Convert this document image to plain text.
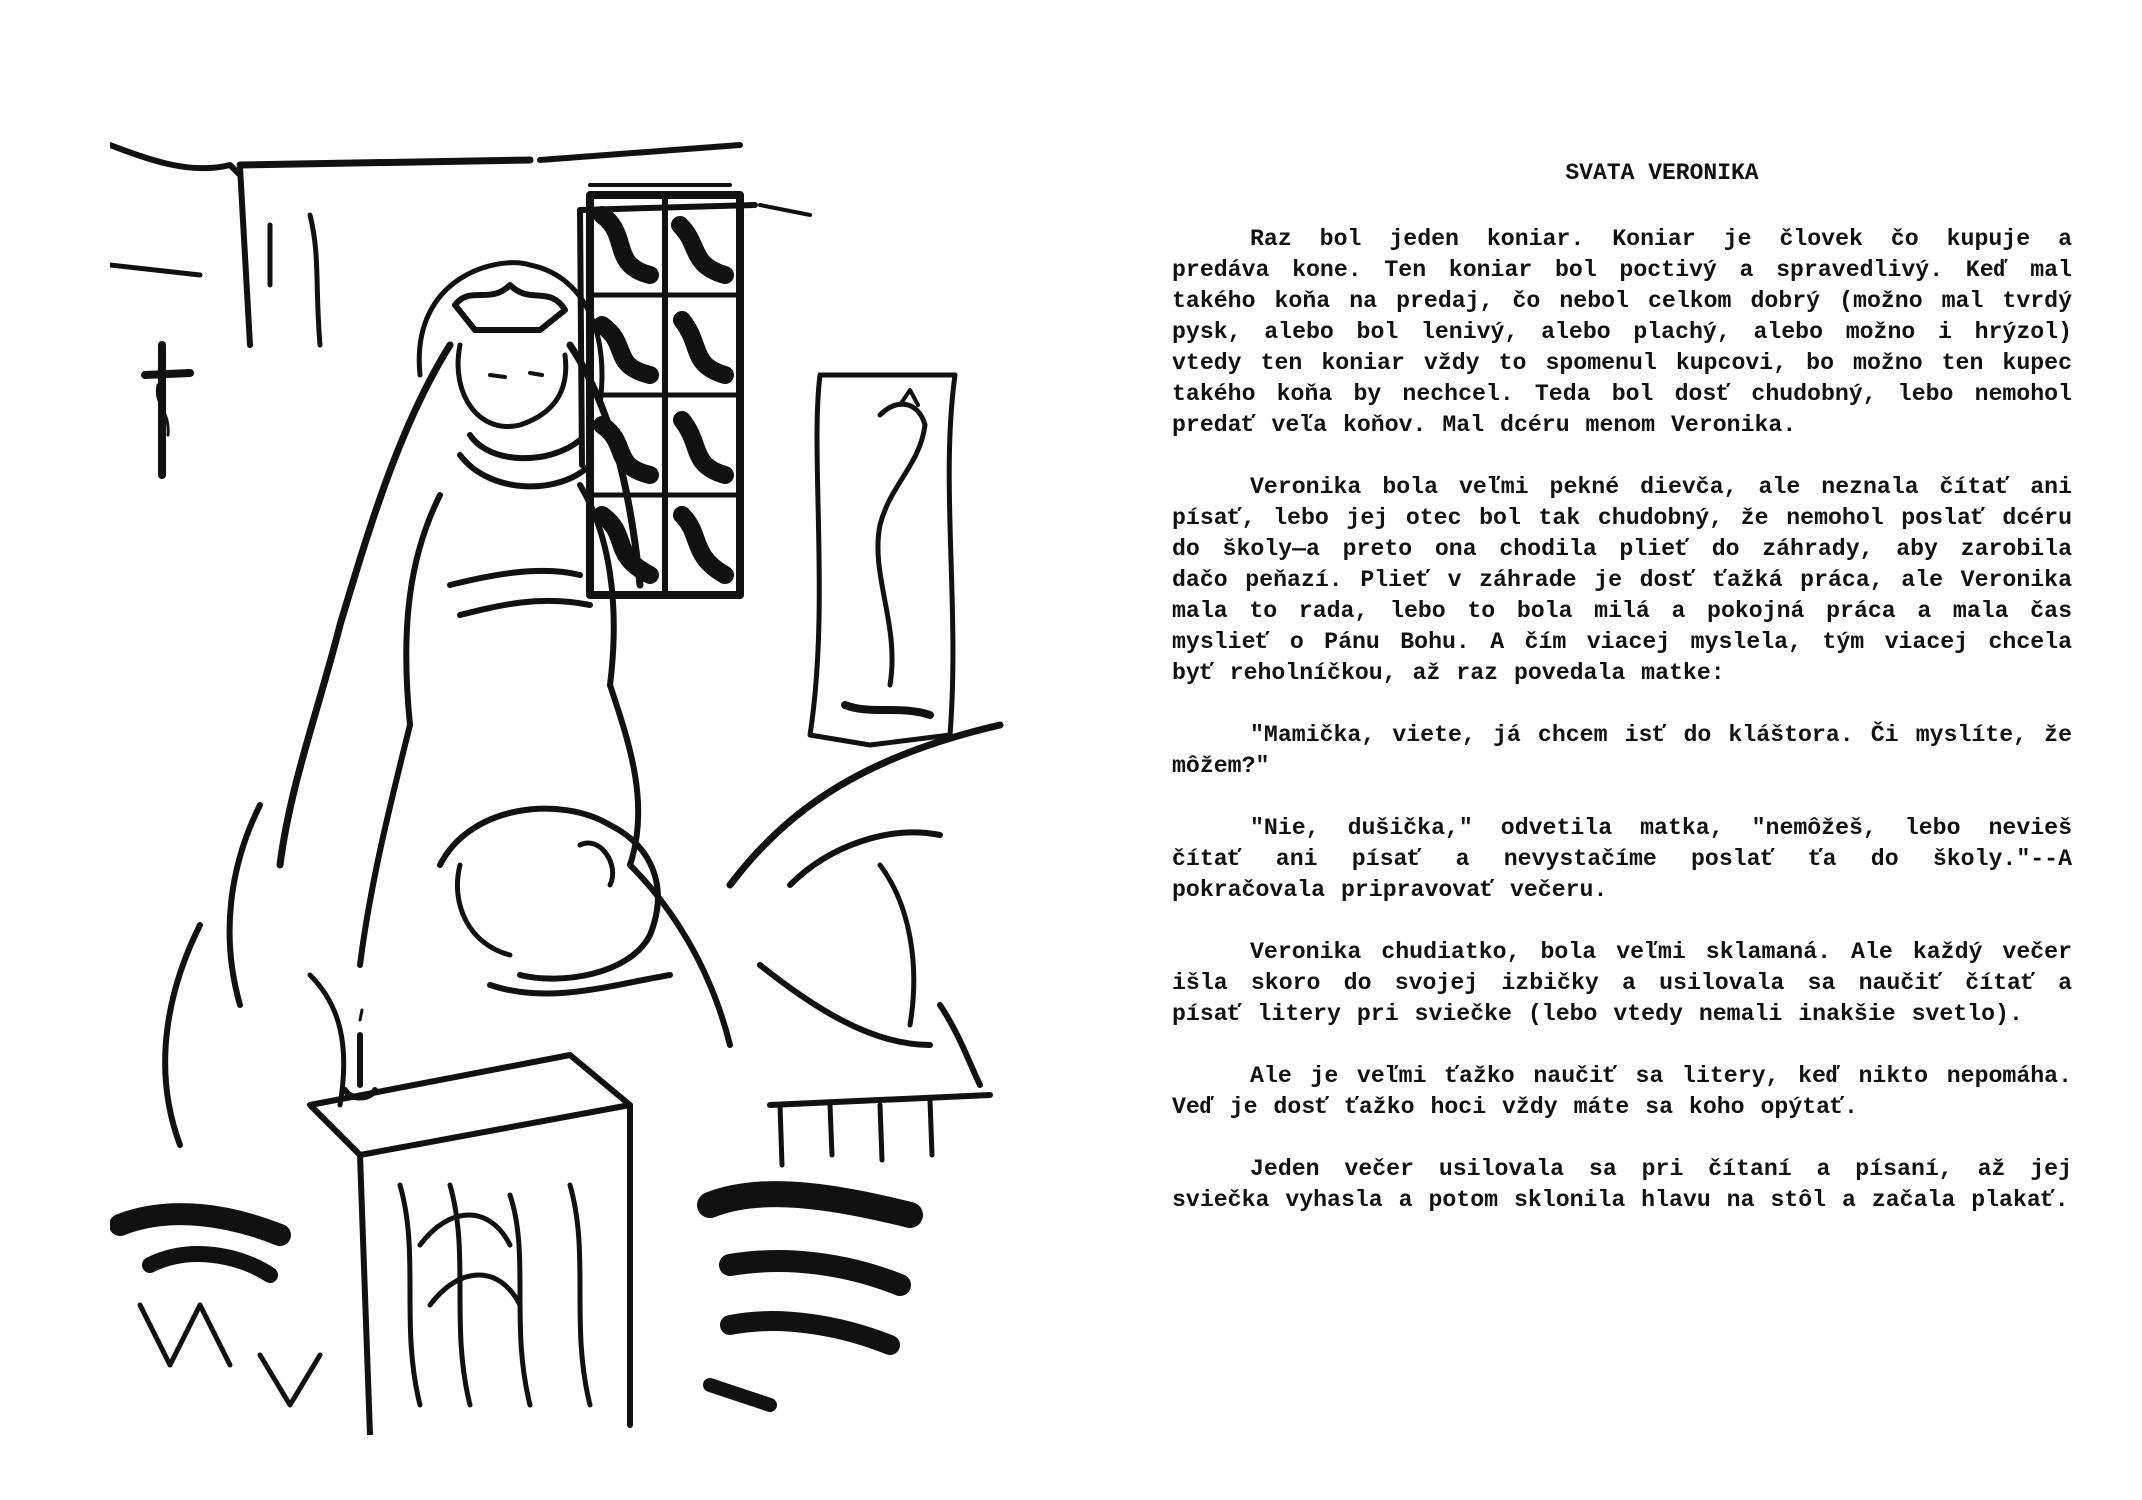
SVATA VERONIKA

Raz bol jeden koniar. Koniar je človek čo kupuje a predáva kone. Ten koniar bol poctivý a spravedlivý. Keď mal takého koňa na predaj, čo nebol celkom dobrý (možno mal tvrdý pysk, alebo bol lenivý, alebo plachý, alebo možno i hrýzol) vtedy ten koniar vždy to spomenul kupcovi, bo možno ten kupec takého koňa by nechcel. Teda bol dosť chudobný, lebo nemohol predať veľa koňov. Mal dcéru menom Veronika.

Veronika bola veľmi pekné dievča, ale neznala čítať ani písať, lebo jej otec bol tak chudobný, že nemohol poslať dcéru do školy—a preto ona chodila plieť do záhrady, aby zarobila dačo peňazí. Plieť v záhrade je dosť ťažká práca, ale Veronika mala to rada, lebo to bola milá a pokojná práca a mala čas myslieť o Pánu Bohu. A čím viacej myslela, tým viacej chcela byť reholníčkou, až raz povedala matke:

"Mamička, viete, já chcem isť do kláštora. Či myslíte, že môžem?"

"Nie, dušička," odvetila matka, "nemôžeš, lebo nevieš čítať ani písať a nevystačíme poslať ťa do školy."--A pokračovala pripravovať večeru.

Veronika chudiatko, bola veľmi sklamaná. Ale každý večer išla skoro do svojej izbičky a usilovala sa naučiť čítať a písať litery pri sviečke (lebo vtedy nemali inakšie svetlo).

Ale je veľmi ťažko naučiť sa litery, keď nikto nepomáha. Veď je dosť ťažko hoci vždy máte sa koho opýtať.

Jeden večer usilovala sa pri čítaní a písaní, až jej sviečka vyhasla a potom sklonila hlavu na stôl a začala plakať.
